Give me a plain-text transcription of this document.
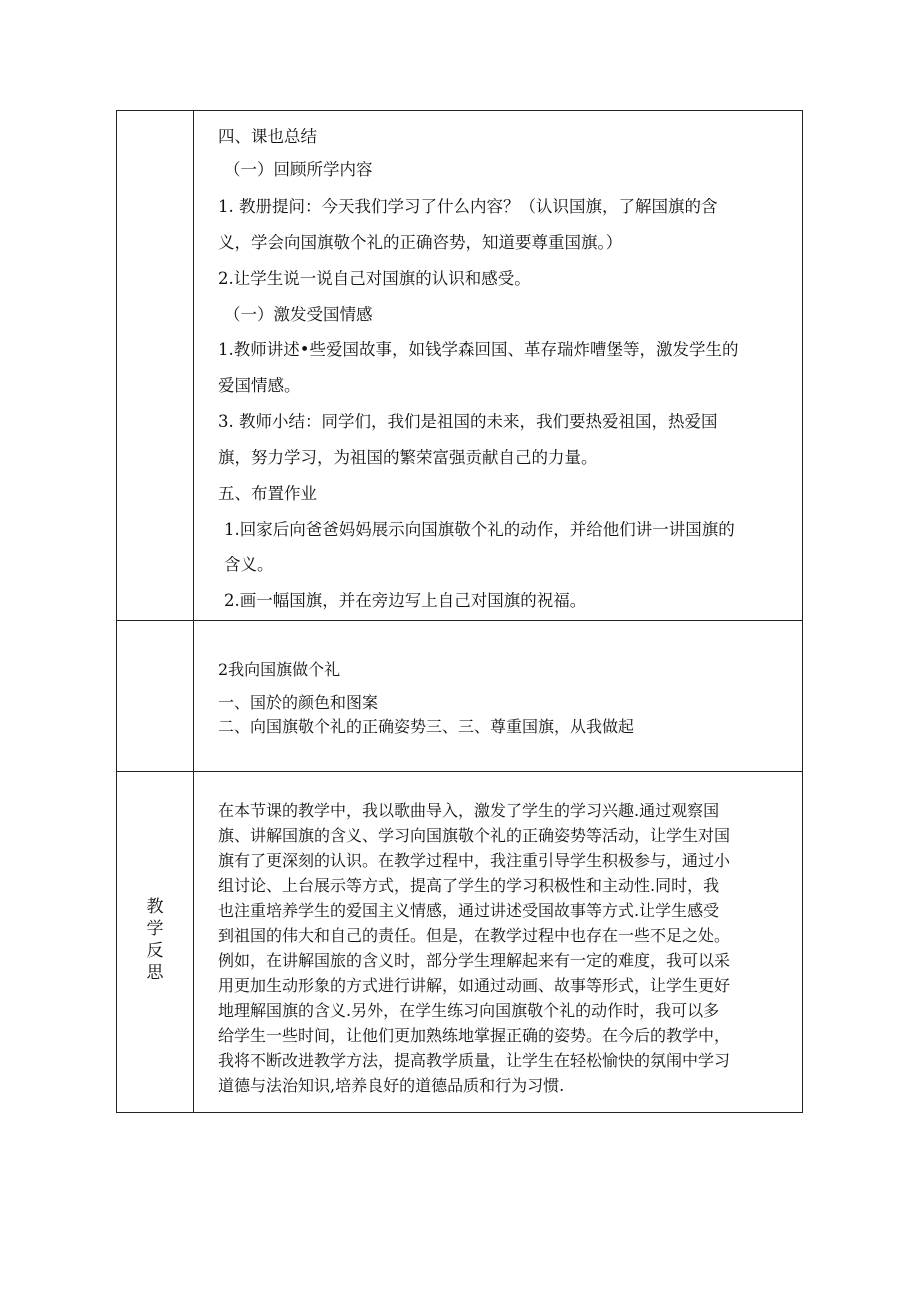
四、课也总结
（一）回顾所学内容
1. 教册提问：今天我们学习了什么内容？（认识国旗，了解国旗的含
义，学会向国旗敬个礼的正确咨势，知道要尊重国旗。）
2.让学生说一说自己对国旗的认识和感受。
（一）激发受国情感
1.教师讲述•些爱国故事，如钱学森回国、革存瑞炸嘈堡等，激发学生的
爱国情感。
3. 教师小结：同学们，我们是祖国的未来，我们要热爱祖国，热爱国
旗，努力学习，为祖国的繁荣富强贡献自己的力量。
五、布置作业
1.回家后向爸爸妈妈展示向国旗敬个礼的动作，并给他们讲一讲国旗的
含义。
2.画一幅国旗，并在旁边写上自己对国旗的祝福。
2我向国旗做个礼
一、国於的颜色和图案
二、向国旗敬个礼的正确姿势三、三、尊重国旗，从我做起
教
学
反
思
在本节课的教学中，我以歌曲导入，激发了学生的学习兴趣.通过观察国
旗、讲解国旗的含义、学习向国旗敬个礼的正确姿势等活动，让学生对国
旗有了更深刻的认识。在教学过程中，我注重引导学生积极参与，通过小
组讨论、上台展示等方式，提高了学生的学习积极性和主动性.同时，我
也注重培养学生的爱国主义情感，通过讲述受国故事等方式.让学生感受
到祖国的伟大和自己的责任。但是，在教学过程中也存在一些不足之处。
例如，在讲解国旅的含义时，部分学生理解起来有一定的难度，我可以采
用更加生动形象的方式进行讲解，如通过动画、故事等形式，让学生更好
地理解国旗的含义.另外，在学生练习向国旗敬个礼的动作时，我可以多
给学生一些时间，让他们更加熟练地掌握正确的姿势。在今后的教学中，
我将不断改进教学方法，提高教学质量，让学生在轻松愉快的氛闱中学习
道德与法治知识,培养良好的道德品质和行为习惯.
